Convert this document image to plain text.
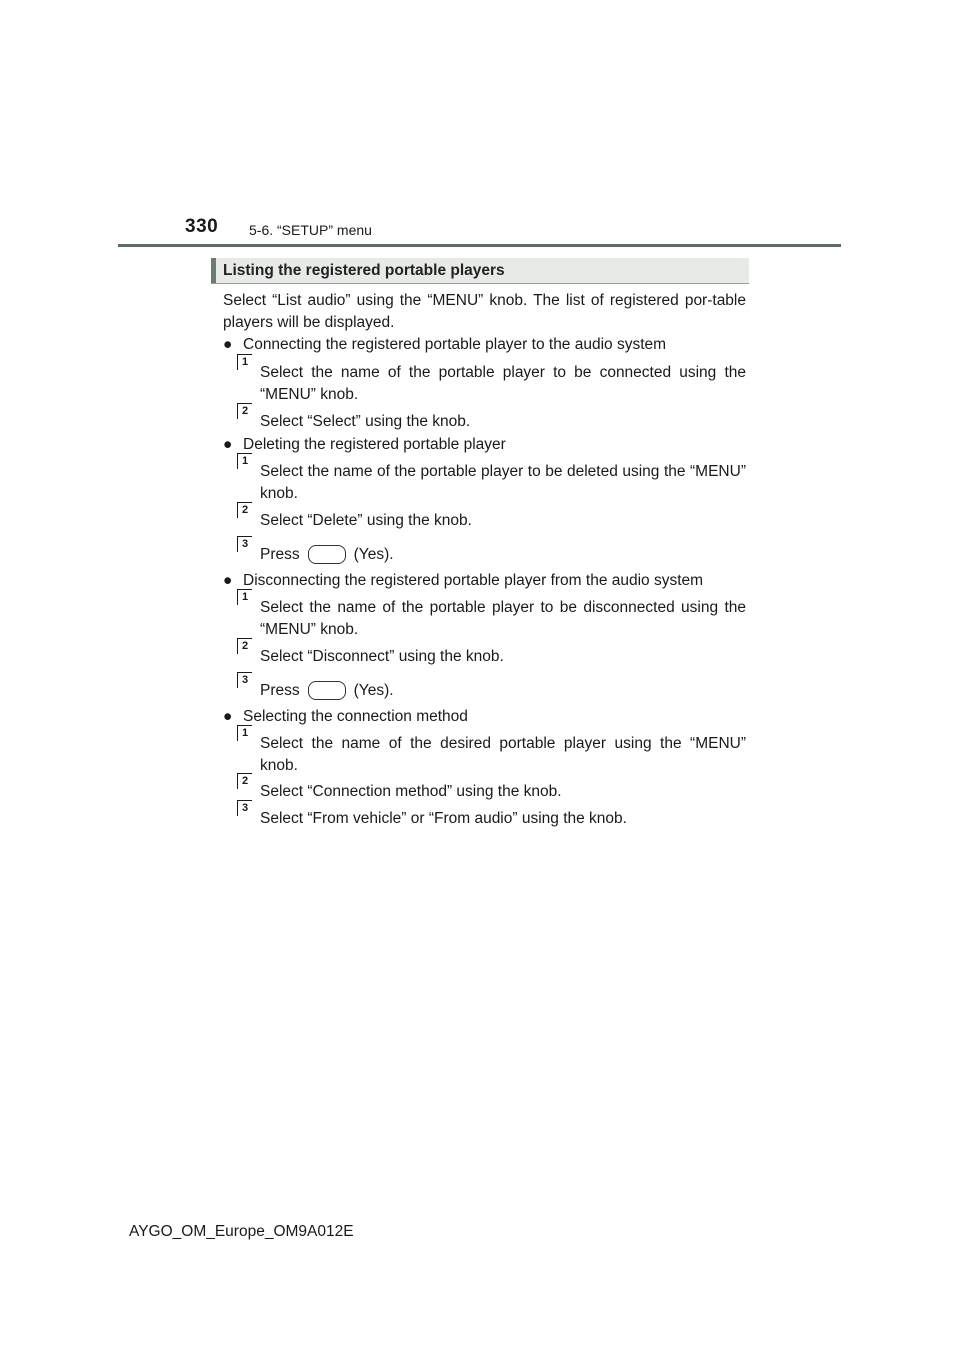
330 5-6. “SETUP” menu
Listing the registered portable players
Select “List audio” using the “MENU” knob. The list of registered por-table players will be displayed.
● Connecting the registered portable player to the audio system
1
Select the name of the portable player to be connected using the “MENU” knob.
2
Select “Select” using the knob.
● Deleting the registered portable player
1
Select the name of the portable player to be deleted using the “MENU” knob.
2
Select “Delete” using the knob.
3
Press	(Yes).
● Disconnecting the registered portable player from the audio system
1
Select the name of the portable player to be disconnected using the “MENU” knob.
2
Select “Disconnect” using the knob.
3
Press	(Yes).
● Selecting the connection method
1
Select the name of the desired portable player using the “MENU” knob.
2
Select “Connection method” using the knob.
3
Select “From vehicle” or “From audio” using the knob.
AYGO_OM_Europe_OM9A012E
